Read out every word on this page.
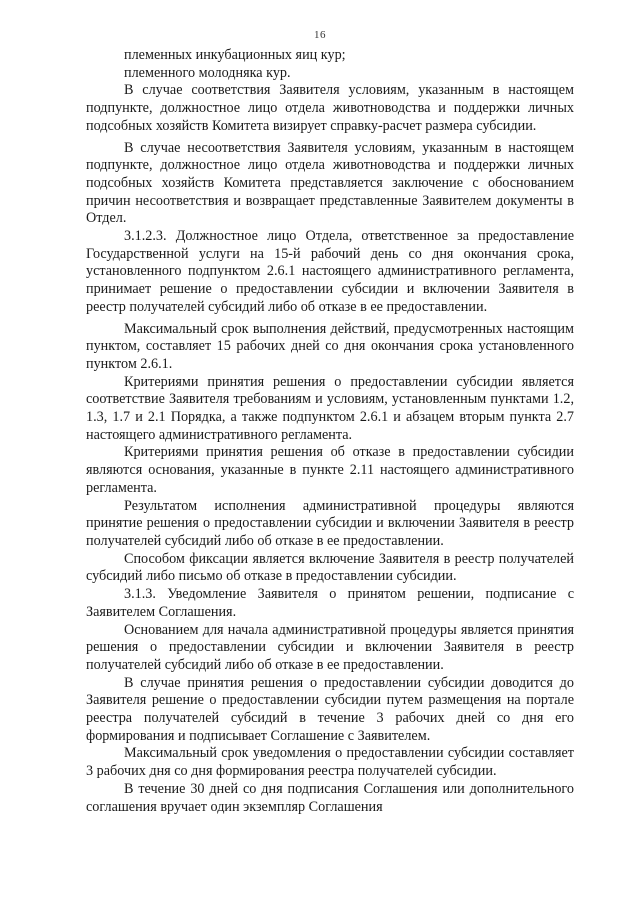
16

племенных инкубационных яиц кур;

племенного молодняка кур.

В случае соответствия Заявителя условиям, указанным в настоящем подпункте, должностное лицо отдела животноводства и поддержки личных подсобных хозяйств Комитета визирует справку-расчет размера субсидии.

В случае несоответствия Заявителя условиям, указанным в настоящем подпункте, должностное лицо отдела животноводства и поддержки личных подсобных хозяйств Комитета представляется заключение с обоснованием причин несоответствия и возвращает представленные Заявителем документы в Отдел.

3.1.2.3. Должностное лицо Отдела, ответственное за предоставление Государственной услуги на 15-й рабочий день со дня окончания срока, установленного подпунктом 2.6.1 настоящего административного регламента, принимает решение о предоставлении субсидии и включении Заявителя в реестр получателей субсидий либо об отказе в ее предоставлении.

Максимальный срок выполнения действий, предусмотренных настоящим пунктом, составляет 15 рабочих дней со дня окончания срока установленного пунктом 2.6.1.

Критериями принятия решения о предоставлении субсидии является соответствие Заявителя требованиям и условиям, установленным пунктами 1.2, 1.3, 1.7 и 2.1 Порядка, а также подпунктом 2.6.1 и абзацем вторым пункта 2.7 настоящего административного регламента.

Критериями принятия решения об отказе в предоставлении субсидии являются основания, указанные в пункте 2.11 настоящего административного регламента.

Результатом исполнения административной процедуры являются принятие решения о предоставлении субсидии и включении Заявителя в реестр получателей субсидий либо об отказе в ее предоставлении.

Способом фиксации является включение Заявителя в реестр получателей субсидий либо письмо об отказе в предоставлении субсидии.

3.1.3. Уведомление Заявителя о принятом решении, подписание с Заявителем Соглашения.

Основанием для начала административной процедуры является принятия решения о предоставлении субсидии и включении Заявителя в реестр получателей субсидий либо об отказе в ее предоставлении.

В случае принятия решения о предоставлении субсидии доводится до Заявителя решение о предоставлении субсидии путем размещения на портале реестра получателей субсидий в течение 3 рабочих дней со дня его формирования и подписывает Соглашение с Заявителем.

Максимальный срок уведомления о предоставлении субсидии составляет 3 рабочих дня со дня формирования реестра получателей субсидии.

В течение 30 дней со дня подписания Соглашения или дополнительного соглашения вручает один экземпляр Соглашения
